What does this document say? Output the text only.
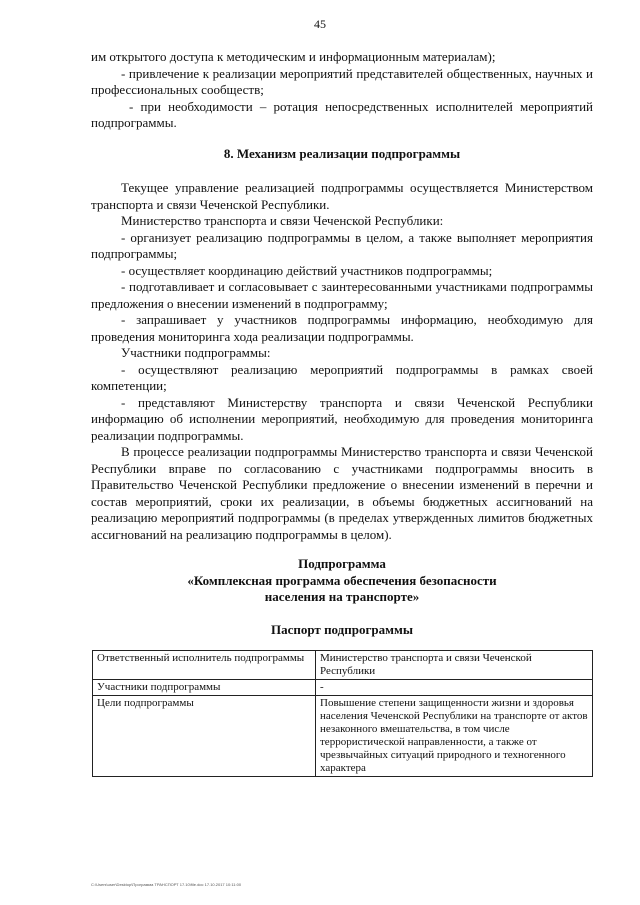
45

им открытого доступа к методическим и информационным материалам);

- привлечение к реализации мероприятий представителей общественных, научных и профессиональных сообществ;

- при необходимости – ротация непосредственных исполнителей мероприятий подпрограммы.

8. Механизм реализации подпрограммы

Текущее управление реализацией подпрограммы осуществляется Министерством транспорта и связи Чеченской Республики.

Министерство транспорта и связи Чеченской Республики:

- организует реализацию подпрограммы в целом, а также выполняет мероприятия подпрограммы;

- осуществляет координацию действий участников подпрограммы;

- подготавливает и согласовывает с заинтересованными участниками подпрограммы предложения о внесении изменений в подпрограмму;

- запрашивает у участников подпрограммы информацию, необходимую для проведения мониторинга хода реализации подпрограммы.

Участники подпрограммы:

- осуществляют реализацию мероприятий подпрограммы в рамках своей компетенции;

- представляют Министерству транспорта и связи Чеченской Республики информацию об исполнении мероприятий, необходимую для проведения мониторинга реализации подпрограммы.

В процессе реализации подпрограммы Министерство транспорта и связи Чеченской Республики вправе по согласованию с участниками подпрограммы вносить в Правительство Чеченской Республики предложение о внесении изменений в перечни и состав мероприятий, сроки их реализации, в объемы бюджетных ассигнований на реализацию мероприятий подпрограммы (в пределах утвержденных лимитов бюджетных ассигнований на реализацию подпрограммы в целом).

Подпрограмма

«Комплексная программа обеспечения безопасности

населения на транспорте»

Паспорт подпрограммы

Ответственный исполнитель подпрограммы	Министерство транспорта и связи Чеченской Республики
Участники подпрограммы	-
Цели подпрограммы	Повышение степени защищенности жизни и здоровья населения Чеченской Республики на транспорте от актов незаконного вмешательства, в том числе террористической направленности, а также от чрезвычайных ситуаций природного и техногенного характера
С:\Users\user\Desktop\Программа ТРАНСПОРТ 17.10\file.doc 17.10.2017 10:11:00
